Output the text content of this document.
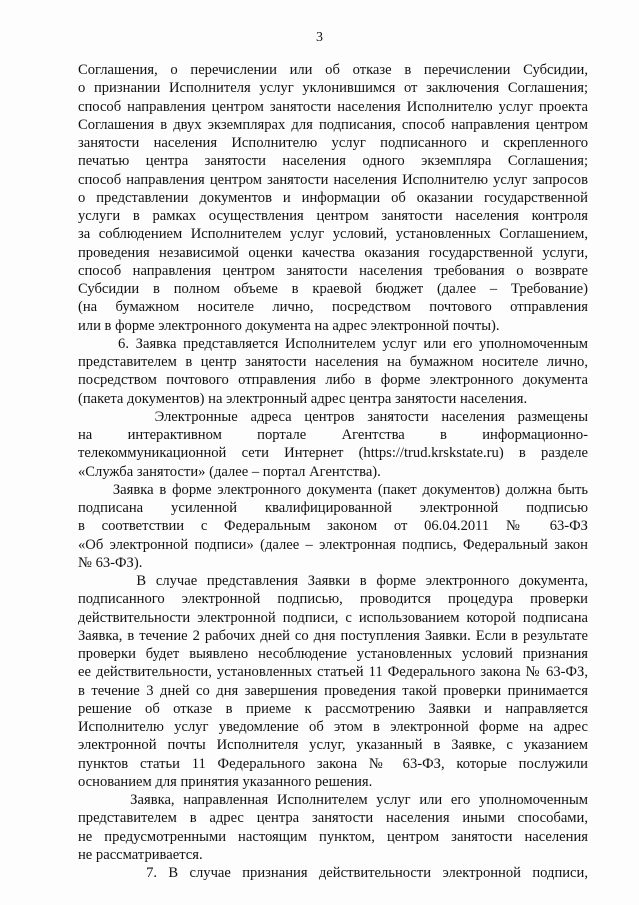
3
Соглашения, о перечислении или об отказе в перечислении Субсидии,
о признании Исполнителя услуг уклонившимся от заключения Соглашения;
способ направления центром занятости населения Исполнителю услуг проекта
Соглашения в двух экземплярах для подписания, способ направления центром
занятости населения Исполнителю услуг подписанного и скрепленного
печатью центра занятости населения одного экземпляра Соглашения;
способ направления центром занятости населения Исполнителю услуг запросов
о представлении документов и информации об оказании государственной
услуги в рамках осуществления центром занятости населения контроля
за соблюдением Исполнителем услуг условий, установленных Соглашением,
проведения независимой оценки качества оказания государственной услуги,
способ направления центром занятости населения требования о возврате
Субсидии в полном объеме в краевой бюджет (далее – Требование)
(на бумажном носителе лично, посредством почтового отправления
или в форме электронного документа на адрес электронной почты).
6. Заявка представляется Исполнителем услуг или его уполномоченным
представителем в центр занятости населения на бумажном носителе лично,
посредством почтового отправления либо в форме электронного документа
(пакета документов) на электронный адрес центра занятости населения.
Электронные адреса центров занятости населения размещены
на интерактивном портале Агентства в информационно-
телекоммуникационной сети Интернет (https://trud.krskstate.ru) в разделе
«Служба занятости» (далее – портал Агентства).
Заявка в форме электронного документа (пакет документов) должна быть
подписана усиленной квалифицированной электронной подписью
в соответствии с Федеральным законом от 06.04.2011 № 63-ФЗ
«Об электронной подписи» (далее – электронная подпись, Федеральный закон
№ 63-ФЗ).
В случае представления Заявки в форме электронного документа,
подписанного электронной подписью, проводится процедура проверки
действительности электронной подписи, с использованием которой подписана
Заявка, в течение 2 рабочих дней со дня поступления Заявки. Если в результате
проверки будет выявлено несоблюдение установленных условий признания
ее действительности, установленных статьей 11 Федерального закона № 63-ФЗ,
в течение 3 дней со дня завершения проведения такой проверки принимается
решение об отказе в приеме к рассмотрению Заявки и направляется
Исполнителю услуг уведомление об этом в электронной форме на адрес
электронной почты Исполнителя услуг, указанный в Заявке, с указанием
пунктов статьи 11 Федерального закона № 63-ФЗ, которые послужили
основанием для принятия указанного решения.
Заявка, направленная Исполнителем услуг или его уполномоченным
представителем в адрес центра занятости населения иными способами,
не предусмотренными настоящим пунктом, центром занятости населения
не рассматривается.
7. В случае признания действительности электронной подписи,
